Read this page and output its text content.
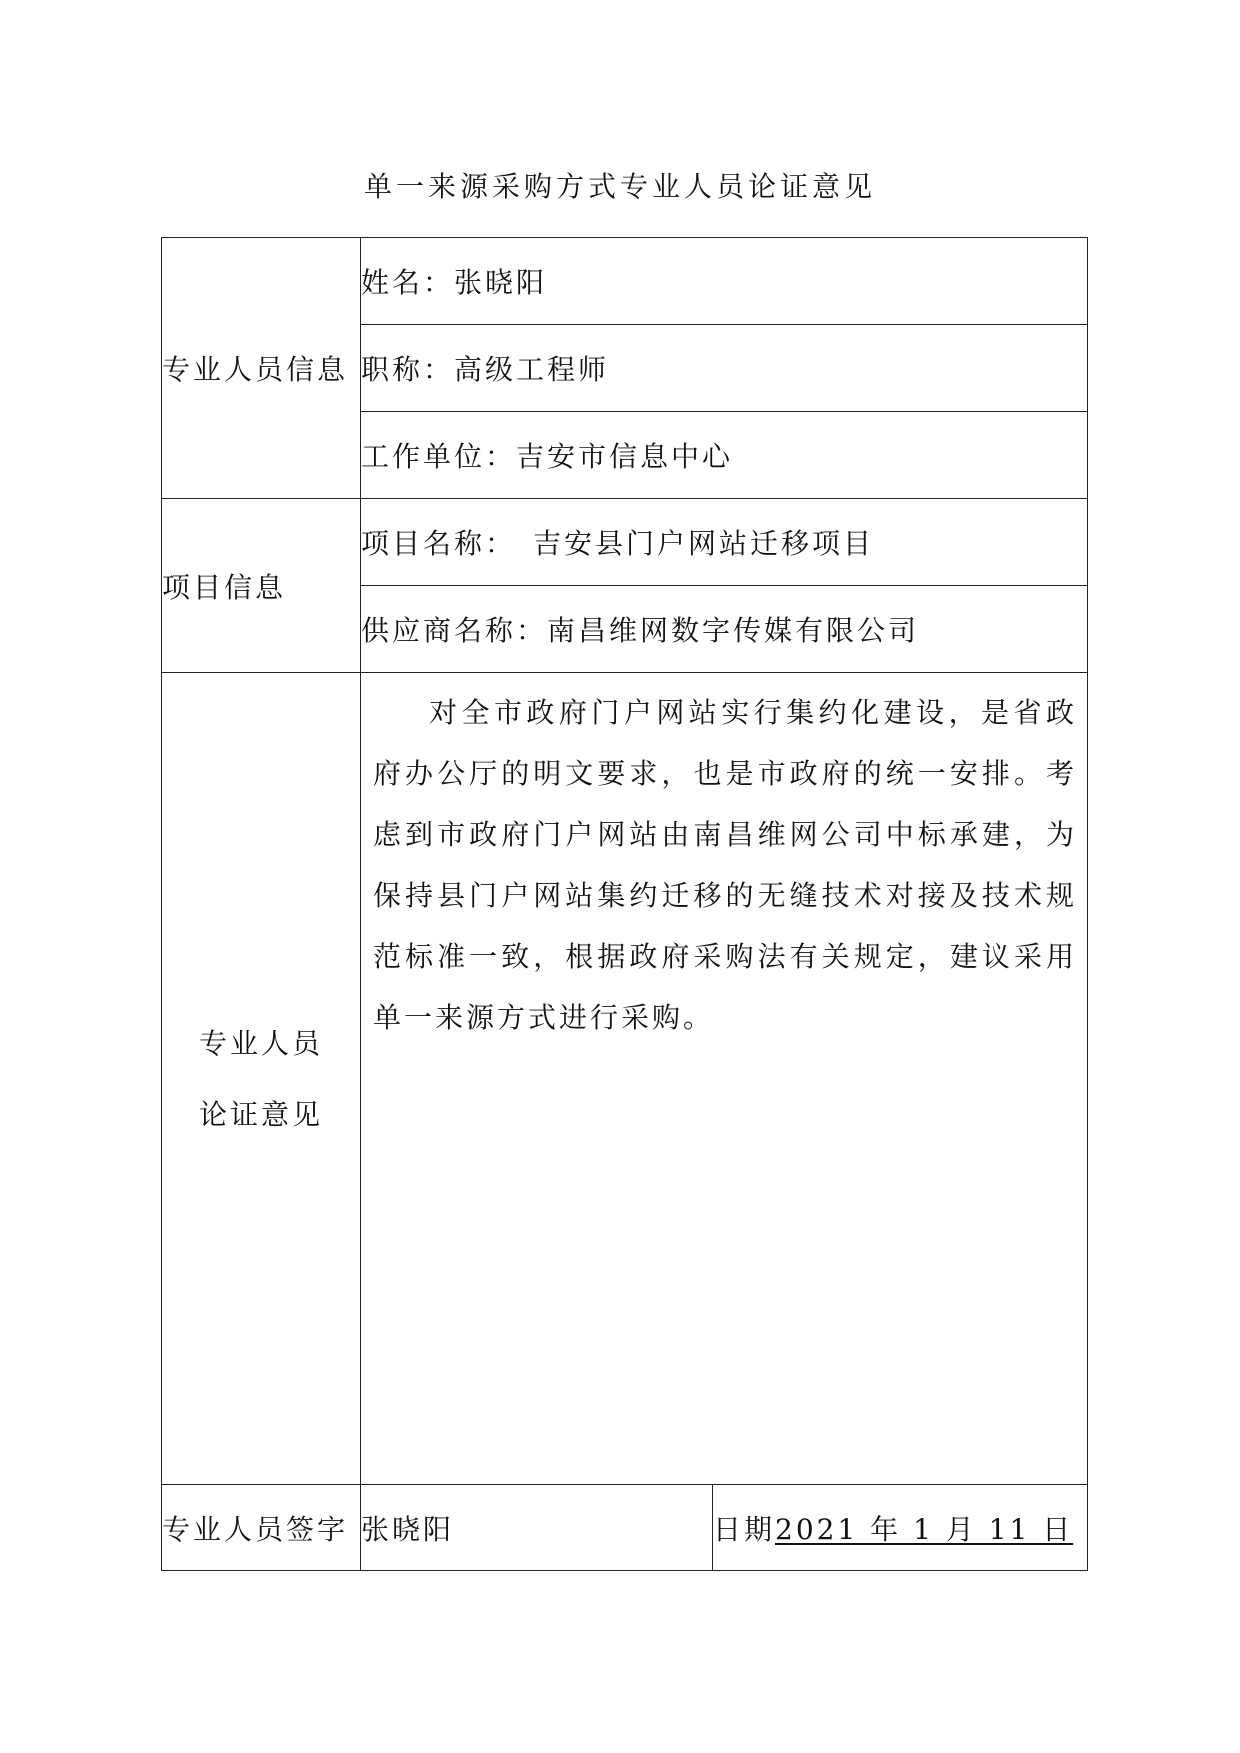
单一来源采购方式专业人员论证意见
专业人员信息	姓名：张晓阳	
	职称：高级工程师	
	工作单位：吉安市信息中心	
项目信息	项目名称：　吉安县门户网站迁移项目	
	供应商名称：南昌维网数字传媒有限公司	

专业人员
论证意见	对全市政府门户网站实行集约化建设，是省政府办公厅的明文要求，也是市政府的统一安排。考虑到市政府门户网站由南昌维网公司中标承建，为保持县门户网站集约迁移的无缝技术对接及技术规范标准一致，根据政府采购法有关规定，建议采用单一来源方式进行采购。	

专业人员签字	张晓阳	日期2021 年 1 月 11 日
